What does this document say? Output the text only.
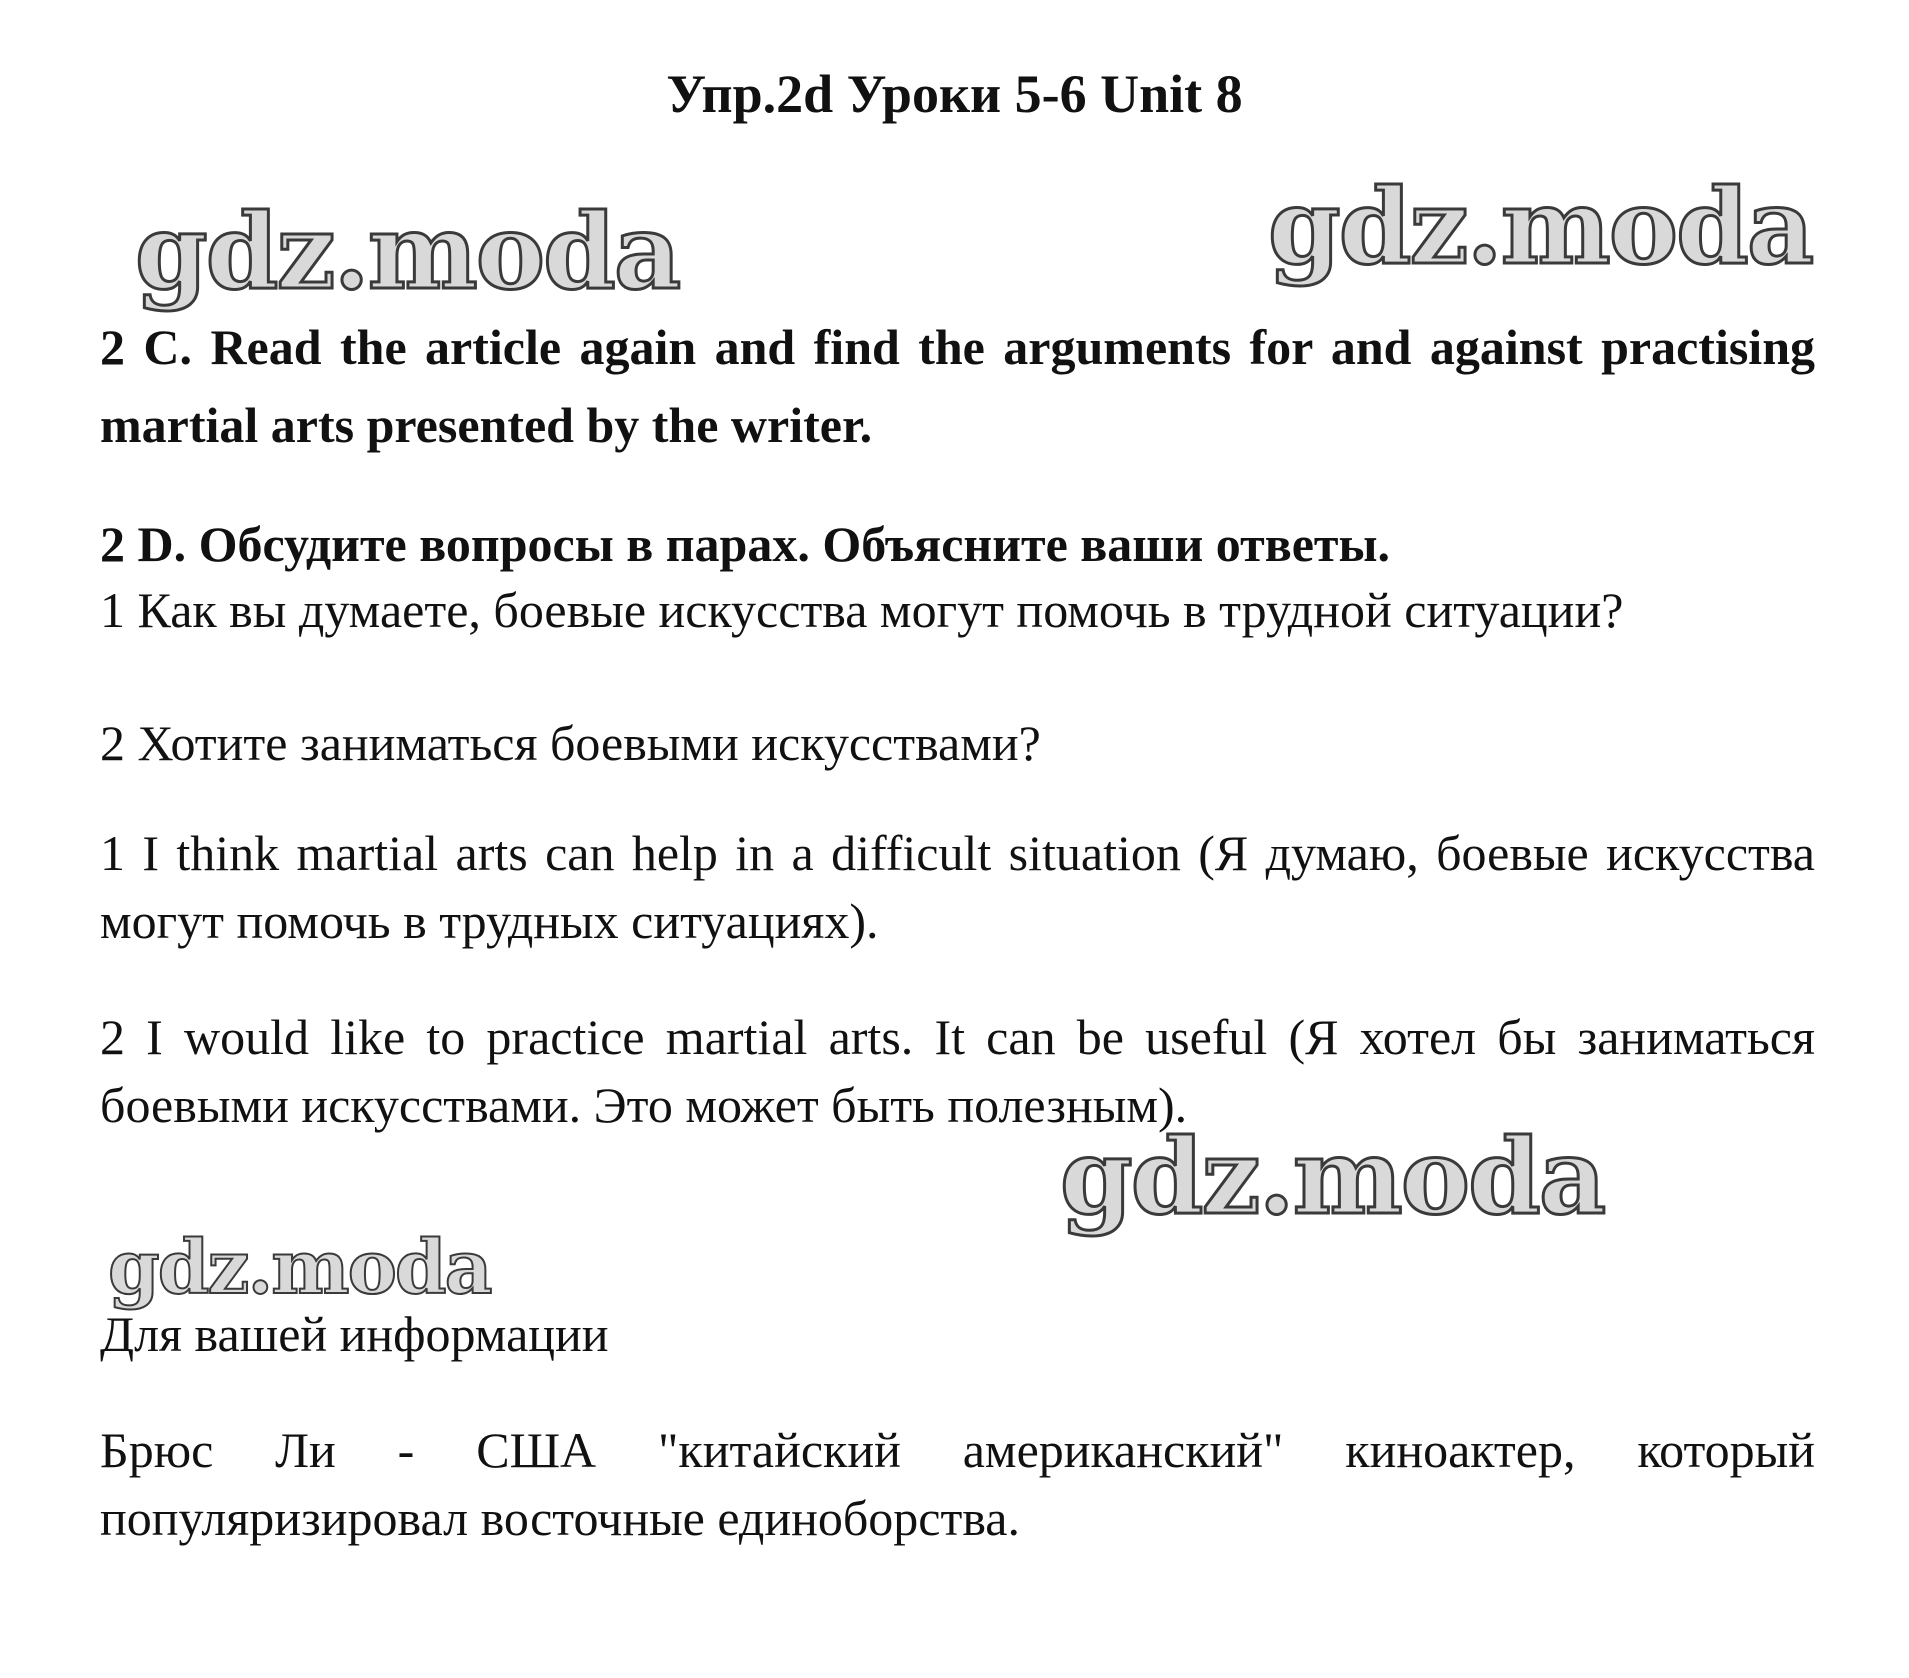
Упр.2d Уроки 5-6 Unit 8
gdz.moda	gdz.moda
2 C. Read the article again and find the arguments for and against practising martial arts presented by the writer.
2 D. Обсудите вопросы в парах. Объясните ваши ответы.
1 Как вы думаете, боевые искусства могут помочь в трудной ситуации?
2 Хотите заниматься боевыми искусствами?
1 I think martial arts can help in a difficult situation (Я думаю, боевые искусства могут помочь в трудных ситуациях).
2 I would like to practice martial arts. It can be useful (Я хотел бы заниматься боевыми искусствами. Это может быть полезным).
gdz.moda
gdz.moda
Для вашей информации
Брюс Ли - США "китайский американский" киноактер, который популяризировал восточные единоборства.
